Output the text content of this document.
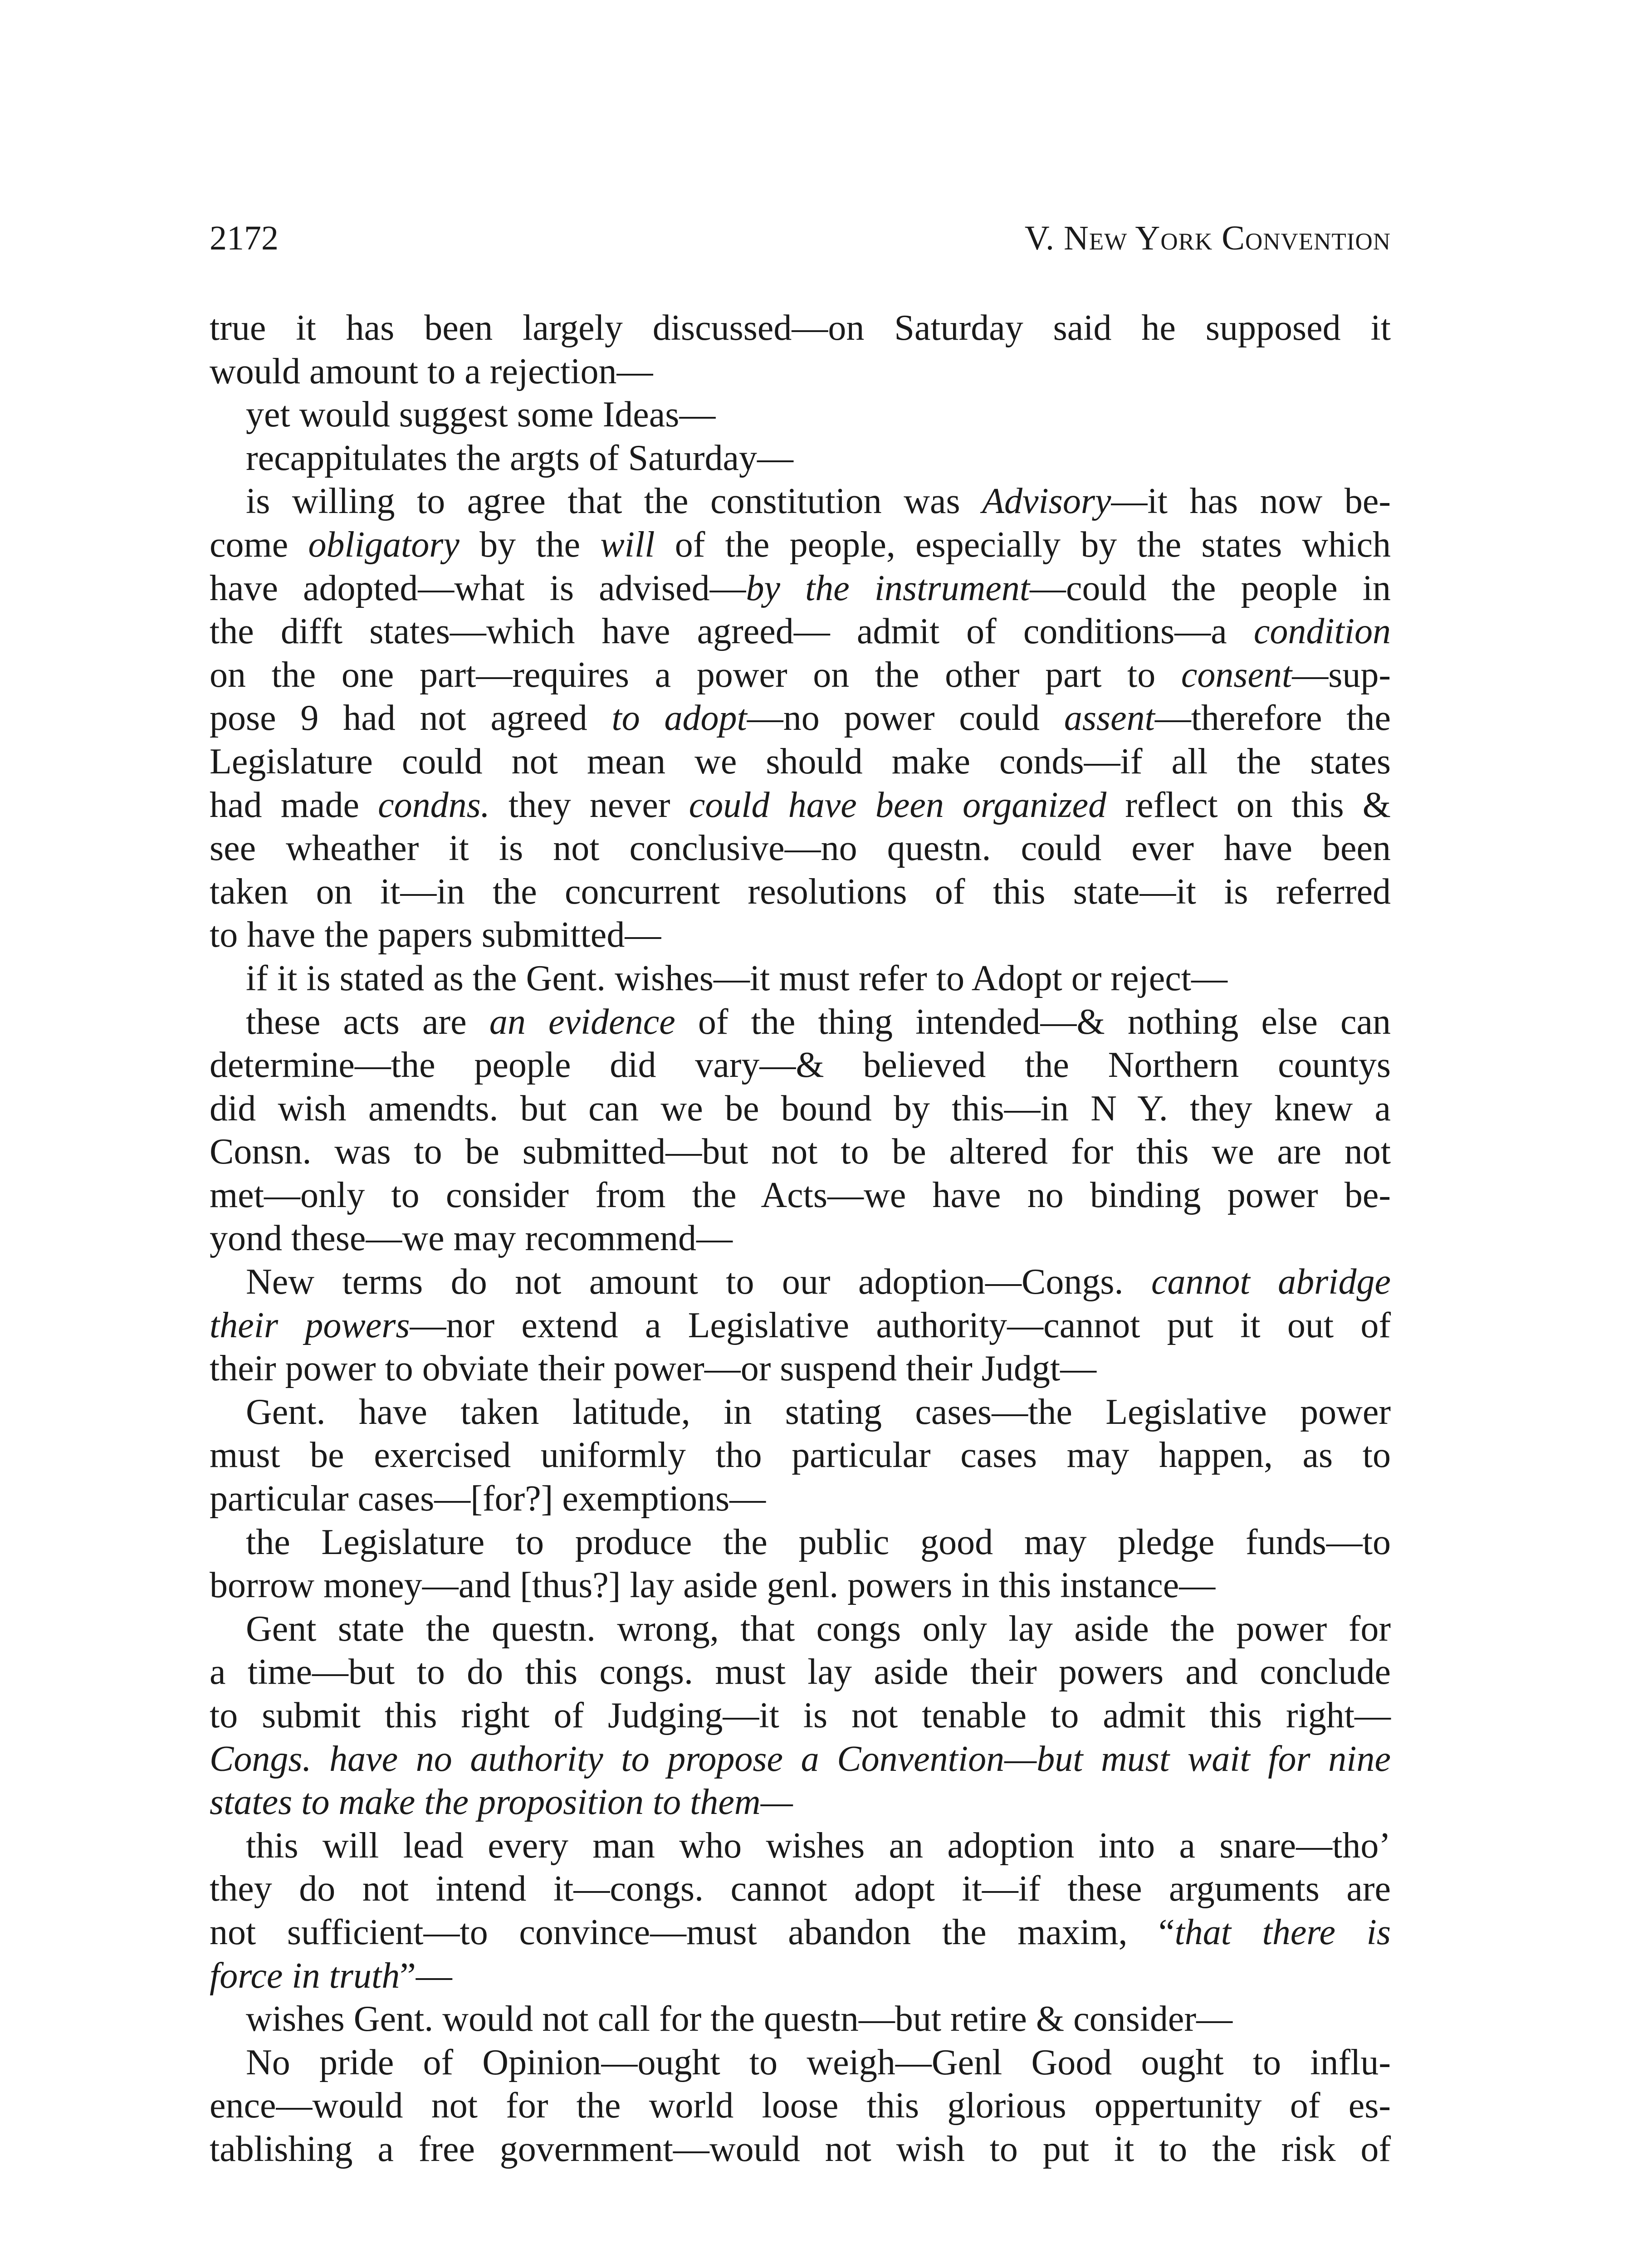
2172	V. New York Convention
true it has been largely discussed—on Saturday said he supposed it
would amount to a rejection—
yet would suggest some Ideas—
recappitulates the argts of Saturday—
is willing to agree that the constitution was Advisory—it has now be-
come obligatory by the will of the people, especially by the states which
have adopted—what is advised—by the instrument—could the people in
the difft states—which have agreed— admit of conditions—a condition
on the one part—requires a power on the other part to consent—sup-
pose 9 had not agreed to adopt—no power could assent—therefore the
Legislature could not mean we should make conds—if all the states
had made condns. they never could have been organized reflect on this &
see wheather it is not conclusive—no questn. could ever have been
taken on it—in the concurrent resolutions of this state—it is referred
to have the papers submitted—
if it is stated as the Gent. wishes—it must refer to Adopt or reject—
these acts are an evidence of the thing intended—& nothing else can
determine—the people did vary—& believed the Northern countys
did wish amendts. but can we be bound by this—in N Y. they knew a
Consn. was to be submitted—but not to be altered for this we are not
met—only to consider from the Acts—we have no binding power be-
yond these—we may recommend—
New terms do not amount to our adoption—Congs. cannot abridge
their powers—nor extend a Legislative authority—cannot put it out of
their power to obviate their power—or suspend their Judgt—
Gent. have taken latitude, in stating cases—the Legislative power
must be exercised uniformly tho particular cases may happen, as to
particular cases—[for?] exemptions—
the Legislature to produce the public good may pledge funds—to
borrow money—and [thus?] lay aside genl. powers in this instance—
Gent state the questn. wrong, that congs only lay aside the power for
a time—but to do this congs. must lay aside their powers and conclude
to submit this right of Judging—it is not tenable to admit this right—
Congs. have no authority to propose a Convention—but must wait for nine
states to make the proposition to them—
this will lead every man who wishes an adoption into a snare—tho’
they do not intend it—congs. cannot adopt it—if these arguments are
not sufficient—to convince—must abandon the maxim, “that there is
force in truth”—
wishes Gent. would not call for the questn—but retire & consider—
No pride of Opinion—ought to weigh—Genl Good ought to influ-
ence—would not for the world loose this glorious oppertunity of es-
tablishing a free government—would not wish to put it to the risk of
